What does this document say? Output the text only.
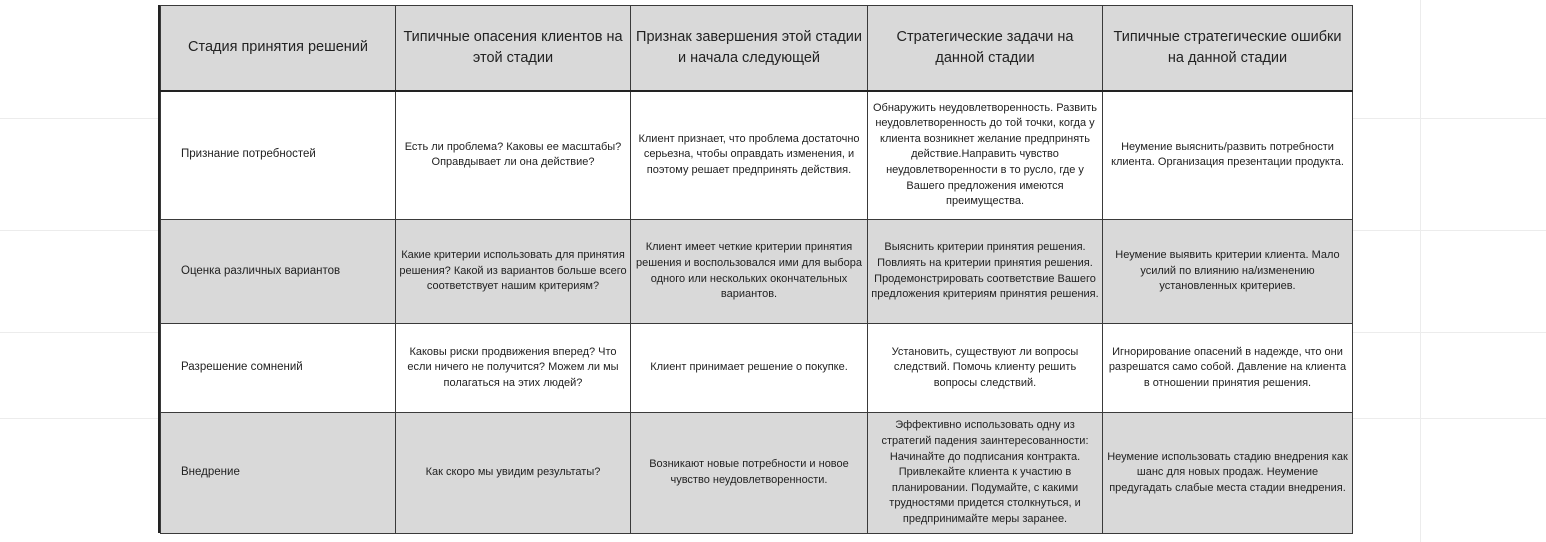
Стадия принятия решений	Типичные опасения клиентов на этой стадии	Признак завершения этой стадии и начала следующей	Стратегические задачи на данной стадии	Типичные стратегические ошибки на данной стадии
Признание потребностей	Есть ли проблема? Каковы ее масштабы? Оправдывает ли она действие?	Клиент признает, что проблема достаточно серьезна, чтобы оправдать изменения, и поэтому решает предпринять действия.	Обнаружить неудовлетворенность. Развить неудовлетворенность до той точки, когда у клиента возникнет желание предпринять действие.Направить чувство неудовлетворенности в то русло, где у Вашего предложения имеются преимущества.	Неумение выяснить/развить потребности клиента. Организация презентации продукта.
Оценка различных вариантов	Какие критерии использовать для принятия решения? Какой из вариантов больше всего соответствует нашим критериям?	Клиент имеет четкие критерии принятия решения и воспользовался ими для выбора одного или нескольких окончательных вариантов.	Выяснить критерии принятия решения. Повлиять на критерии принятия решения. Продемонстрировать соответствие Вашего предложения критериям принятия решения.	Неумение выявить критерии клиента. Мало усилий по влиянию на/изменению установленных критериев.
Разрешение сомнений	Каковы риски продвижения вперед? Что если ничего не получится? Можем ли мы полагаться на этих людей?	Клиент принимает решение о покупке.	Установить, существуют ли вопросы следствий. Помочь клиенту решить вопросы следствий.	Игнорирование опасений в надежде, что они разрешатся само собой. Давление на клиента в отношении принятия решения.
Внедрение	Как скоро мы увидим результаты?	Возникают новые потребности и новое чувство неудовлетворенности.	Эффективно использовать одну из стратегий падения заинтересованности: Начинайте до подписания контракта. Привлекайте клиента к участию в планировании. Подумайте, с какими трудностями придется столкнуться, и предпринимайте меры заранее.	Неумение использовать стадию внедрения как шанс для новых продаж. Неумение предугадать слабые места стадии внедрения.
